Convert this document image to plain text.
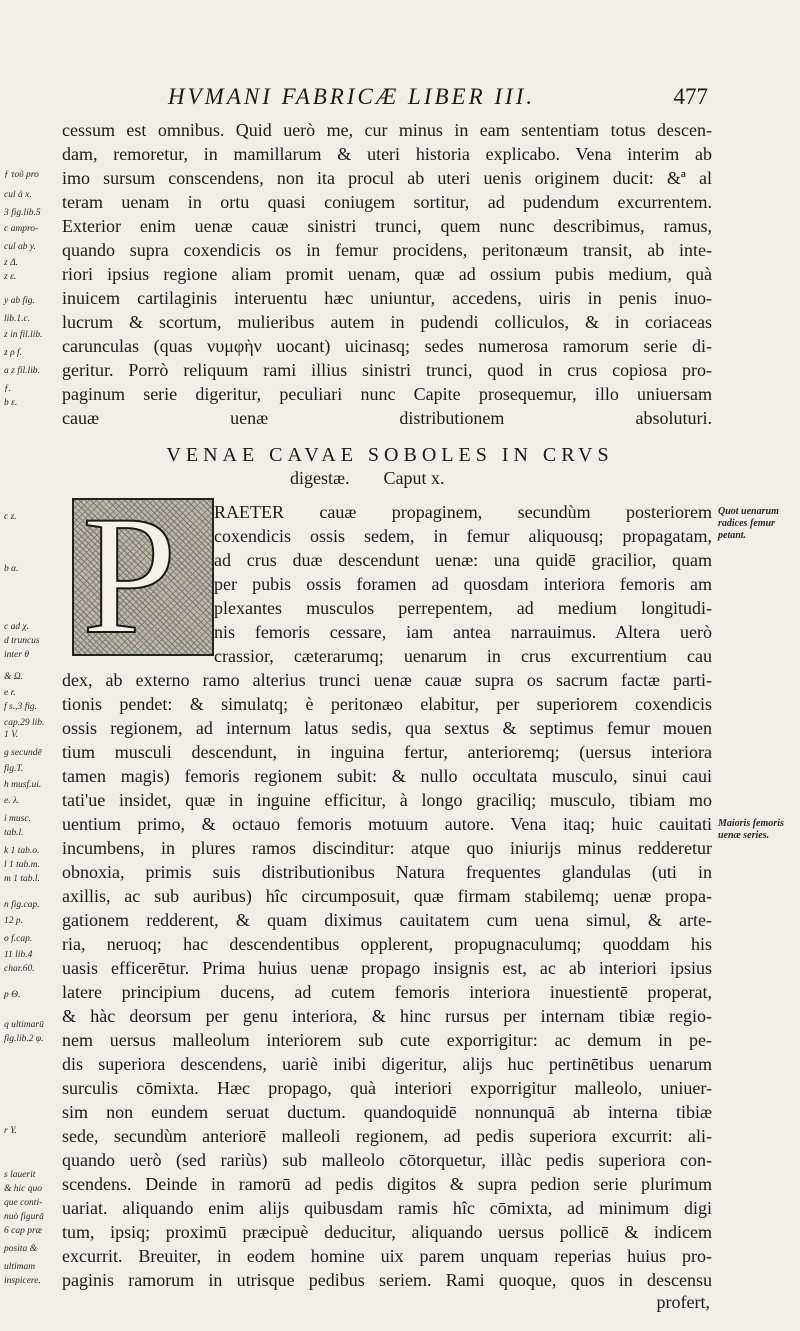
HVMANI FABRICÆ LIBER III.	477
cessum est omnibus. Quid uerò me, cur minus in eam sententiam totus descen-
dam, remoretur, in mamillarum & uteri historia explicabo. Vena interim ab
imo sursum conscendens, non ita procul ab uteri uenis originem ducit: &ª al
teram uenam in ortu quasi coniugem sortitur, ad pudendum excurrentem.
Exterior enim uenæ cauæ sinistri trunci, quem nunc describimus, ramus,
quando supra coxendicis os in femur procidens, peritonæum transit, ab inte-
riori ipsius regione aliam promit uenam, quæ ad ossium pubis medium, quà
inuicem cartilaginis interuentu hæc uniuntur, accedens, uiris in penis inuo-
lucrum & scortum, mulieribus autem in pudendi colliculos, & in coriaceas
carunculas (quas νυμφὴν uocant) uicinasq; sedes numerosa ramorum serie di-
geritur. Porrò reliquum rami illius sinistri trunci, quod in crus copiosa pro-
paginum serie digeritur, peculiari nunc Capite prosequemur, illo uniuersam
cauæ uenæ distributionem absoluturi.
VENAE CAVAE SOBOLES IN CRVS
digestæ. Caput x.
P RAETER cauæ propaginem, secundùm posteriorem
coxendicis ossis sedem, in femur aliquousq; propagatam,
ad crus duæ descendunt uenæ: una quidē gracilior, quam
per pubis ossis foramen ad quosdam interiora femoris am
plexantes musculos perrepentem, ad medium longitudi-
nis femoris cessare, iam antea narrauimus. Altera uerò
crassior, cæterarumq; uenarum in crus excurrentium cau
dex, ab externo ramo alterius trunci uenæ cauæ supra os sacrum factæ parti-
tionis pendet: & simulatq; è peritonæo elabitur, per superiorem coxendicis
ossis regionem, ad internum latus sedis, qua sextus & septimus femur mouen
tium musculi descendunt, in inguina fertur, anterioremq; (uersus interiora
tamen magis) femoris regionem subit: & nullo occultata musculo, sinui caui
tati'ue insidet, quæ in inguine efficitur, à longo graciliq; musculo, tibiam mo
uentium primo, & octauo femoris motuum autore. Vena itaq; huic cauitati
incumbens, in plures ramos discinditur: atque quo iniurijs minus redderetur
obnoxia, primis suis distributionibus Natura frequentes glandulas (uti in
axillis, ac sub auribus) hîc circumposuit, quæ firmam stabilemq; uenæ propa-
gationem redderent, & quam diximus cauitatem cum uena simul, & arte-
ria, neruoq; hac descendentibus opplerent, propugnaculumq; quoddam his
uasis efficerētur. Prima huius uenæ propago insignis est, ac ab interiori ipsius
latere principium ducens, ad cutem femoris interiora inuestientē properat,
& hàc deorsum per genu interiora, & hinc rursus per internam tibiæ regio-
nem uersus malleolum interiorem sub cute exporrigitur: ac demum in pe-
dis superiora descendens, uariè inibi digeritur, alijs huc pertinētibus uenarum
surculis cōmixta. Hæc propago, quà interiori exporrigitur malleolo, uniuer-
sim non eundem seruat ductum. quandoquidē nonnunquā ab interna tibiæ
sede, secundùm anteriorē malleoli regionem, ad pedis superiora excurrit: ali-
quando uerò (sed rariùs) sub malleolo cōtorquetur, illàc pedis superiora con-
scendens. Deinde in ramorū ad pedis digitos & supra pedion serie plurimum
uariat. aliquando enim alijs quibusdam ramis hîc cōmixta, ad minimum digi
tum, ipsiq; proximū præcipuè deducitur, aliquando uersus pollicē & indicem
excurrit. Breuiter, in eodem homine uix parem unquam reperias huius pro-
paginis ramorum in utrisque pedibus seriem. Rami quoque, quos in descensu
profert,
ƒ τοῦ pro
cul à x.
3 fig.lib.5
c ampro-
cul ab y.
z Δ.
z ε.
y ab fig.
lib.1.c.
z in fil.lib.
z ρ f.
a z fil.lib.
ƒ.
b ε.
c z.
b α.
c ad χ.
d truncus
inter θ
& Ω.
e r.
f s.,3 fig.
cap.29 lib.
1 V.
g secundē
fig.T.
h musf.ui.
e. λ.
i musc.
tab.l.
k 1 tab.o.
l 1 tab.m.
m 1 tab.l.
n fig.cap.
12 p.
o f.cap.
11 lib.4
char.60.
p Θ.
q ultimarū
fig.lib.2 φ.
r Y.
s lauerit
& hic quo
que conti-
nuò figurā
6 cap præ
posita &
ultimam
inspicere.
Quot uenarum radices femur petant.
Maioris femoris uenæ series.
